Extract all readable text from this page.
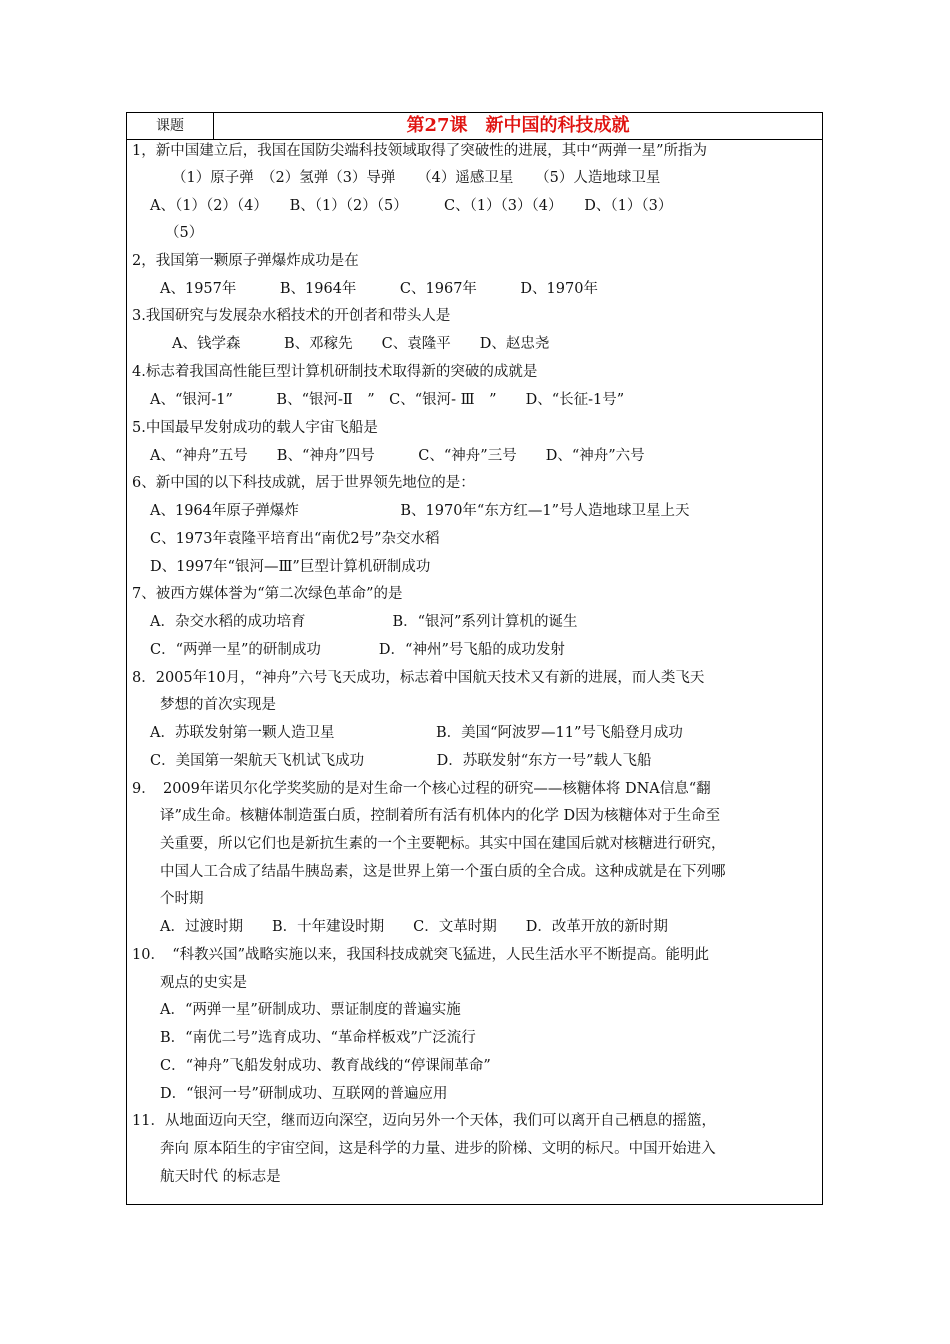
课题	第27课　新中国的科技成就
1，新中国建立后，我国在国防尖端科技领域取得了突破性的进展，其中“两弹一星”所指为
（1）原子弹　（2）氢弹（3）导弹　　（4）遥感卫星　　（5）人造地球卫星
A、（1）（2）（4）　　B、（1）（2）（5）　　　C、（1）（3）（4）　　D、（1）（3）
（5）
2，我国第一颗原子弹爆炸成功是在
A、1957年　　　B、1964年　　　C、1967年　　　D、1970年
3.我国研究与发展杂水稻技术的开创者和带头人是
A、钱学森　　　B、邓稼先　　C、袁隆平　　D、赵忠尧
4.标志着我国高性能巨型计算机研制技术取得新的突破的成就是
A、“银河-1”　　　B、“银河-Ⅱ　”　C、“银河- Ⅲ　”　　D、“长征-1号”
5.中国最早发射成功的载人宇宙飞船是
A、“神舟”五号　　B、“神舟”四号　　　C、“神舟”三号　　D、“神舟”六号
6、新中国的以下科技成就，居于世界领先地位的是：
A、1964年原子弹爆炸　　　　　　　B、1970年“东方红—1”号人造地球卫星上天
C、1973年袁隆平培育出“南优2号”杂交水稻
D、1997年“银河—Ⅲ”巨型计算机研制成功
7、被西方媒体誉为“第二次绿色革命”的是
A．杂交水稻的成功培育　　　　　　B．“银河”系列计算机的诞生
C．“两弹一星”的研制成功　　　　D．“神州”号飞船的成功发射
8．2005年10月，“神舟”六号飞天成功，标志着中国航天技术又有新的进展，而人类飞天
梦想的首次实现是
A．苏联发射第一颗人造卫星　　　　　　　B．美国“阿波罗—11”号飞船登月成功
C．美国第一架航天飞机试飞成功　　　　　D．苏联发射“东方一号”载人飞船
9．　2009年诺贝尔化学奖奖励的是对生命一个核心过程的研究——核糖体将 DNA信息“翻
译”成生命。核糖体制造蛋白质，控制着所有活有机体内的化学 D因为核糖体对于生命至
关重要，所以它们也是新抗生素的一个主要靶标。其实中国在建国后就对核糖进行研究，
中国人工合成了结晶牛胰岛素，这是世界上第一个蛋白质的全合成。这种成就是在下列哪
个时期
A．过渡时期　　B．十年建设时期　　C．文革时期　　D．改革开放的新时期
10．　“科教兴国”战略实施以来，我国科技成就突飞猛进，人民生活水平不断提高。能明此
观点的史实是
A．“两弹一星”研制成功、票证制度的普遍实施
B．“南优二号”选育成功、“革命样板戏”广泛流行
C．“神舟”飞船发射成功、教育战线的“停课闹革命”
D．“银河一号”研制成功、互联网的普遍应用
11．从地面迈向天空，继而迈向深空，迈向另外一个天体，我们可以离开自己栖息的摇篮，
奔向 原本陌生的宇宙空间，这是科学的力量、进步的阶梯、文明的标尺。中国开始进入
航天时代 的标志是
